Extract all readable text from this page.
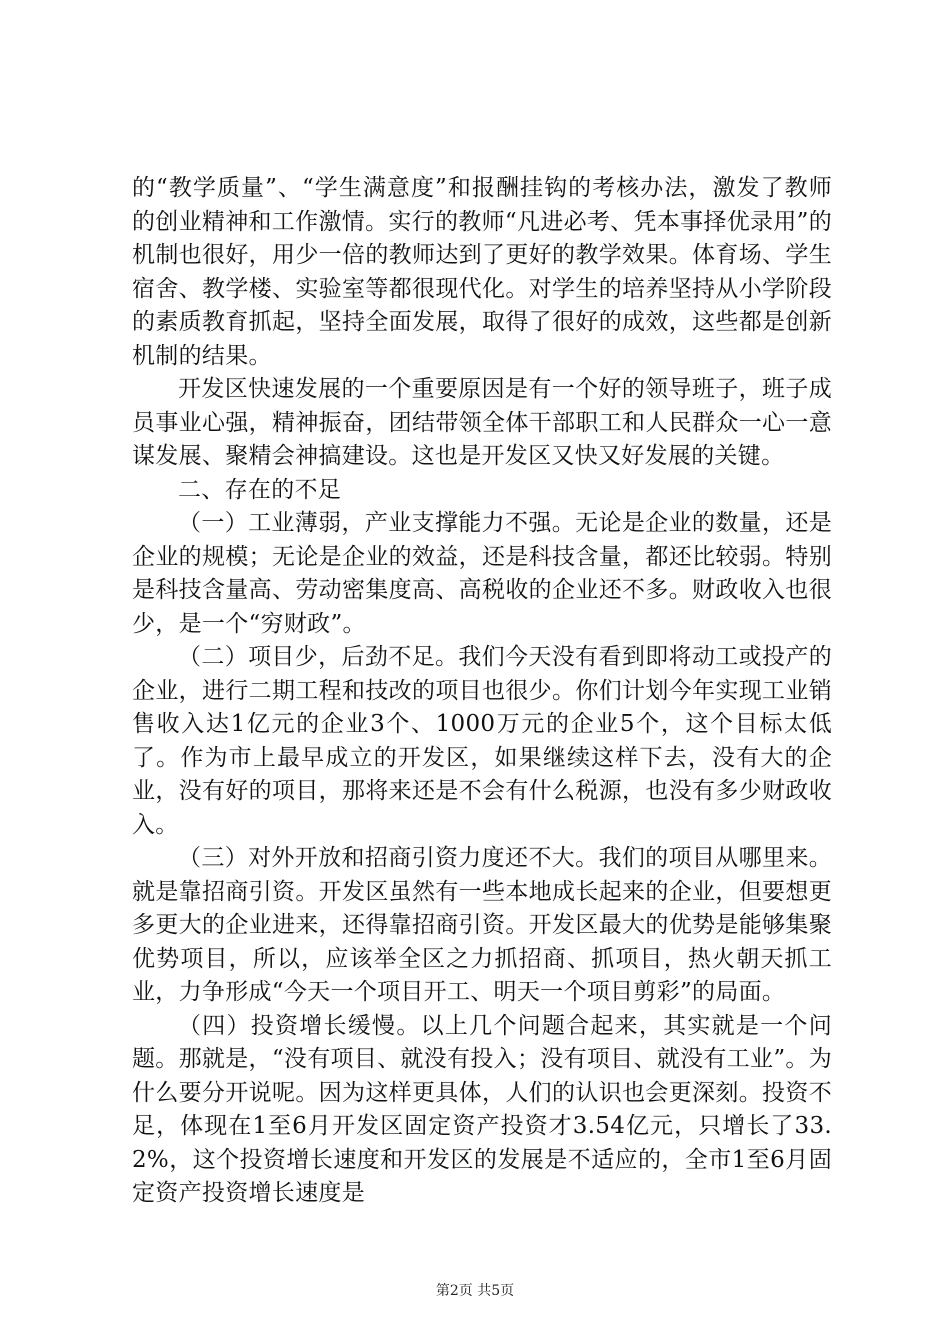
的“教学质量”、“学生满意度”和报酬挂钩的考核办法，激发了教师的创业精神和工作激情。实行的教师“凡进必考、凭本事择优录用”的机制也很好，用少一倍的教师达到了更好的教学效果。体育场、学生宿舍、教学楼、实验室等都很现代化。对学生的培养坚持从小学阶段的素质教育抓起，坚持全面发展，取得了很好的成效，这些都是创新机制的结果。

开发区快速发展的一个重要原因是有一个好的领导班子，班子成员事业心强，精神振奋，团结带领全体干部职工和人民群众一心一意谋发展、聚精会神搞建设。这也是开发区又快又好发展的关键。

二、存在的不足

（一）工业薄弱，产业支撑能力不强。无论是企业的数量，还是企业的规模；无论是企业的效益，还是科技含量，都还比较弱。特别是科技含量高、劳动密集度高、高税收的企业还不多。财政收入也很少，是一个“穷财政”。

（二）项目少，后劲不足。我们今天没有看到即将动工或投产的企业，进行二期工程和技改的项目也很少。你们计划今年实现工业销售收入达1亿元的企业3个、1000万元的企业5个，这个目标太低了。作为市上最早成立的开发区，如果继续这样下去，没有大的企业，没有好的项目，那将来还是不会有什么税源，也没有多少财政收入。

（三）对外开放和招商引资力度还不大。我们的项目从哪里来。就是靠招商引资。开发区虽然有一些本地成长起来的企业，但要想更多更大的企业进来，还得靠招商引资。开发区最大的优势是能够集聚优势项目，所以，应该举全区之力抓招商、抓项目，热火朝天抓工业，力争形成“今天一个项目开工、明天一个项目剪彩”的局面。

（四）投资增长缓慢。以上几个问题合起来，其实就是一个问题。那就是，“没有项目、就没有投入；没有项目、就没有工业”。为什么要分开说呢。因为这样更具体，人们的认识也会更深刻。投资不足，体现在1至6月开发区固定资产投资才3.54亿元，只增长了33.2%，这个投资增长速度和开发区的发展是不适应的，全市1至6月固定资产投资增长速度是

第2页 共5页
